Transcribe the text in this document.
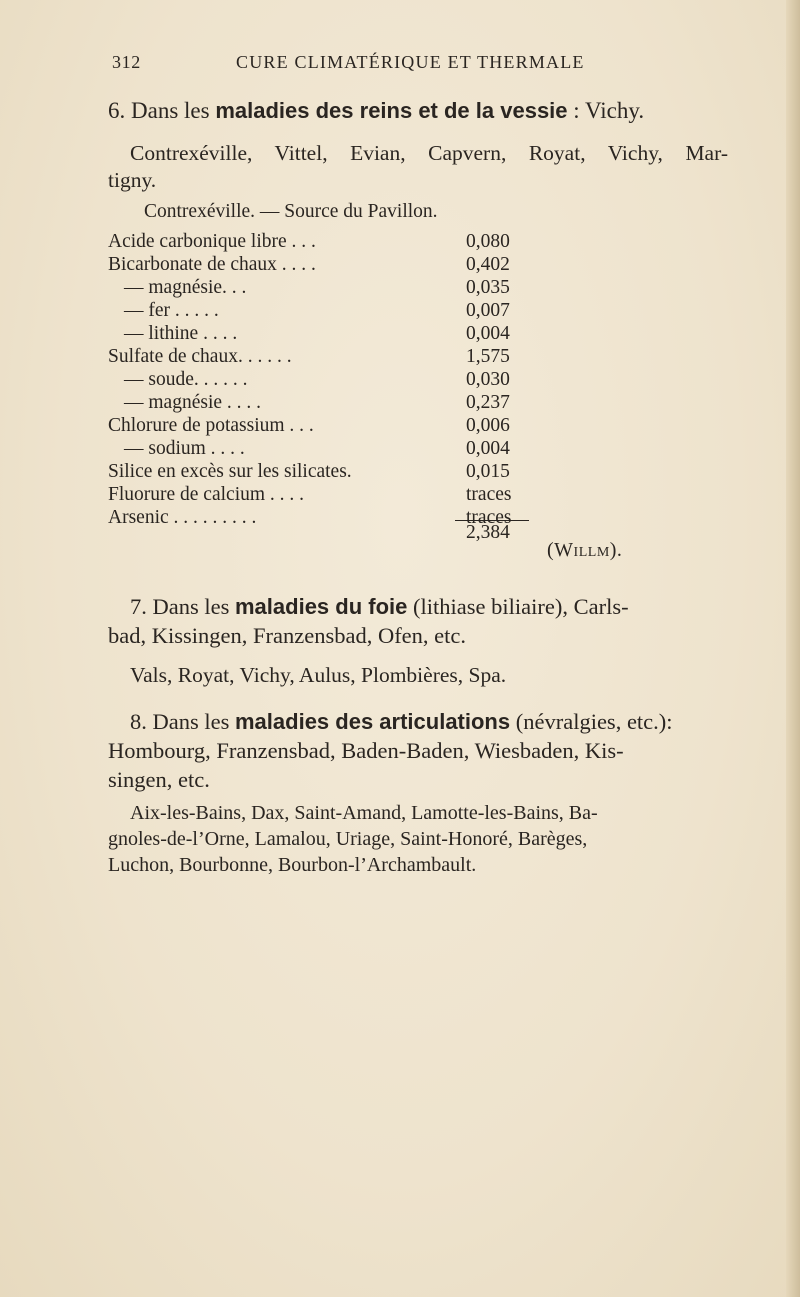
312	CURE CLIMATÉRIQUE ET THERMALE
6. Dans les maladies des reins et de la vessie : Vichy.
Contrexéville, Vittel, Evian, Capvern, Royat, Vichy, Mar-
tigny.
Contrexéville. — Source du Pavillon.
Acide carbonique libre . . .	0,080
Bicarbonate de chaux . . . .	0,402
— magnésie. . .	0,035
— fer . . . . .	0,007
— lithine . . . .	0,004
Sulfate de chaux. . . . . .	1,575
— soude. . . . . .	0,030
— magnésie . . . .	0,237
Chlorure de potassium . . .	0,006
— sodium . . . .	0,004
Silice en excès sur les silicates.	0,015
Fluorure de calcium . . . .	traces
Arsenic . . . . . . . . .	traces
2,384
(Willm).
7. Dans les maladies du foie (lithiase biliaire), Carls-
bad, Kissingen, Franzensbad, Ofen, etc.
Vals, Royat, Vichy, Aulus, Plombières, Spa.
8. Dans les maladies des articulations (névralgies, etc.):
Hombourg, Franzensbad, Baden-Baden, Wiesbaden, Kis-
singen, etc.
Aix-les-Bains, Dax, Saint-Amand, Lamotte-les-Bains, Ba-
gnoles-de-l’Orne, Lamalou, Uriage, Saint-Honoré, Barèges,
Luchon, Bourbonne, Bourbon-l’Archambault.
